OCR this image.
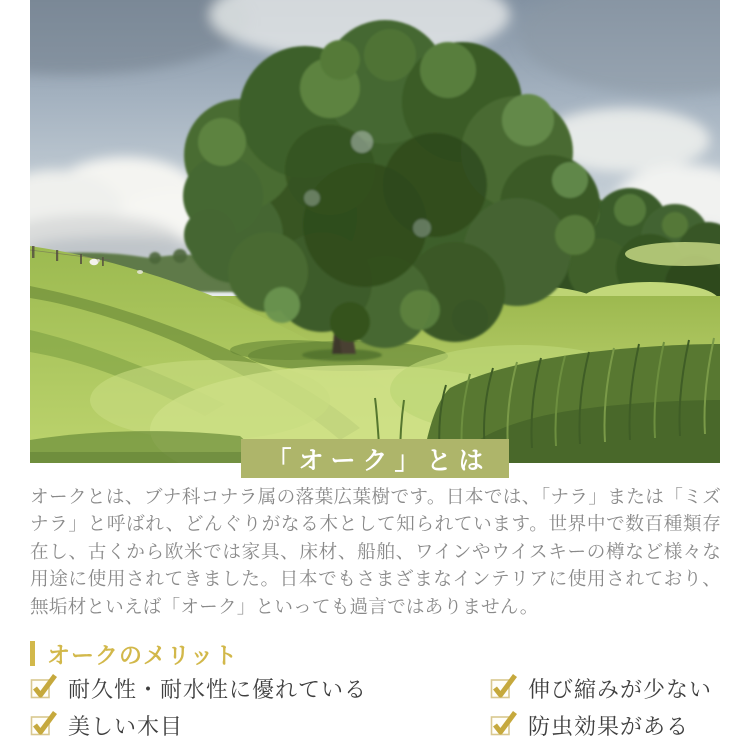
「オーク」とは

オークとは、ブナ科コナラ属の落葉広葉樹です。日本では、「ナラ」または「ミズナラ」と呼ばれ、どんぐりがなる木として知られています。世界中で数百種類存在し、古くから欧米では家具、床材、船舶、ワインやウイスキーの樽など様々な用途に使用されてきました。日本でもさまざまなインテリアに使用されており、無垢材といえば「オーク」といっても過言ではありません。

オークのメリット
耐久性・耐水性に優れている	伸び縮みが少ない
美しい木目	防虫効果がある
